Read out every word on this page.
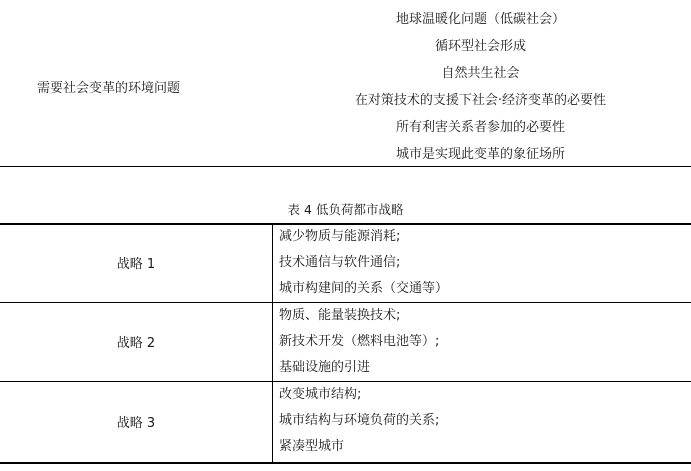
需要社会变革的环境问题
地球温暖化问题（低碳社会）
循环型社会形成
自然共生社会
在对策技术的支援下社会·经济变革的必要性
所有利害关系者参加的必要性
城市是实现此变革的象征场所
表 4 低负荷都市战略
战略 1
减少物质与能源消耗;
技术通信与软件通信;
城市构建间的关系（交通等）
战略 2
物质、能量装换技术;
新技术开发（燃料电池等）;
基础设施的引进
战略 3
改变城市结构;
城市结构与环境负荷的关系;
紧凑型城市
